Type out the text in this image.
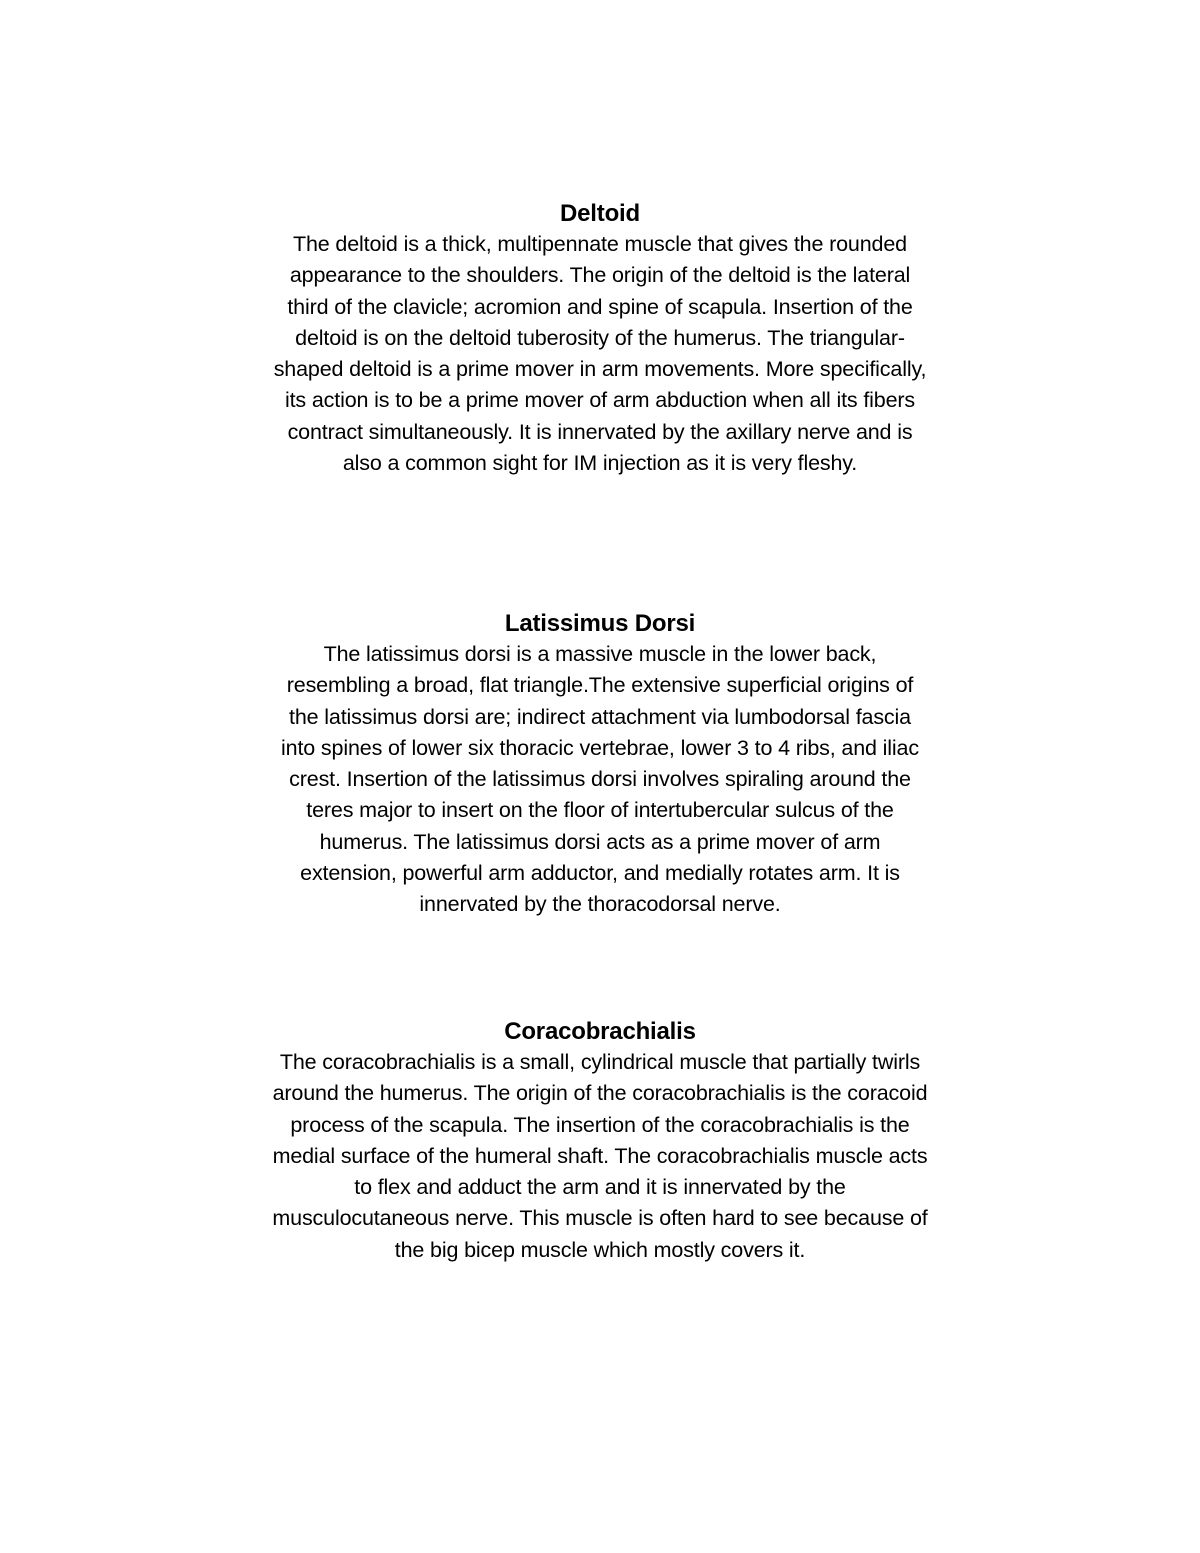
Deltoid

The deltoid is a thick, multipennate muscle that gives the rounded
appearance to the shoulders. The origin of the deltoid is the lateral
third of the clavicle; acromion and spine of scapula. Insertion of the
deltoid is on the deltoid tuberosity of the humerus. The triangular-
shaped deltoid is a prime mover in arm movements. More specifically,
its action is to be a prime mover of arm abduction when all its fibers
contract simultaneously. It is innervated by the axillary nerve and is
also a common sight for IM injection as it is very fleshy.

Latissimus Dorsi

The latissimus dorsi is a massive muscle in the lower back,
resembling a broad, flat triangle.The extensive superficial origins of
the latissimus dorsi are; indirect attachment via lumbodorsal fascia
into spines of lower six thoracic vertebrae, lower 3 to 4 ribs, and iliac
crest. Insertion of the latissimus dorsi involves spiraling around the
teres major to insert on the floor of intertubercular sulcus of the
humerus. The latissimus dorsi acts as a prime mover of arm
extension, powerful arm adductor, and medially rotates arm. It is
innervated by the thoracodorsal nerve.

Coracobrachialis

The coracobrachialis is a small, cylindrical muscle that partially twirls
around the humerus. The origin of the coracobrachialis is the coracoid
process of the scapula. The insertion of the coracobrachialis is the
medial surface of the humeral shaft. The coracobrachialis muscle acts
to flex and adduct the arm and it is innervated by the
musculocutaneous nerve. This muscle is often hard to see because of
the big bicep muscle which mostly covers it.
